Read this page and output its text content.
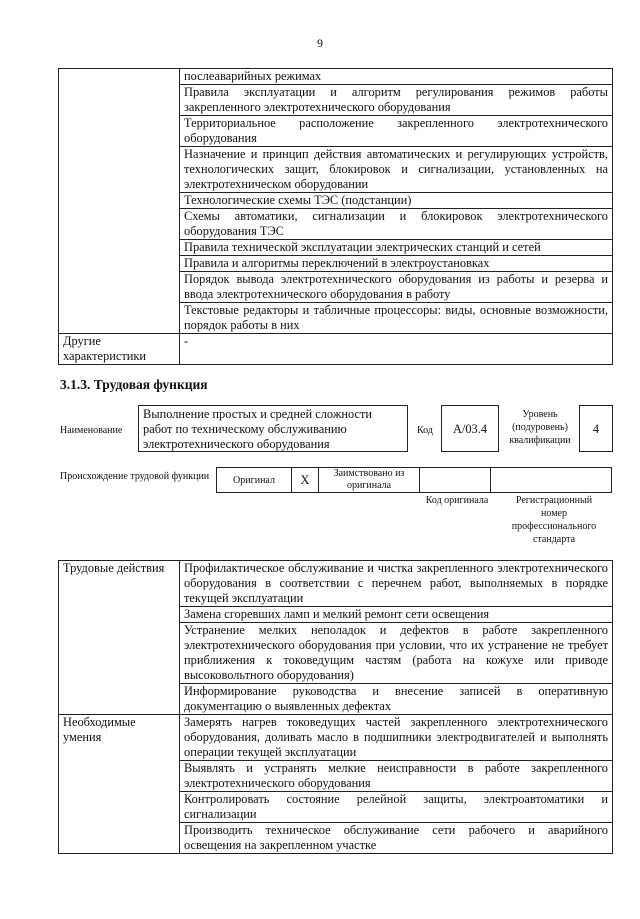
9
	послеаварийных режимах
	Правила эксплуатации и алгоритм регулирования режимов работы закрепленного электротехнического оборудования
	Территориальное расположение закрепленного электротехнического оборудования
	Назначение и принцип действия автоматических и регулирующих устройств, технологических защит, блокировок и сигнализации, установленных на электротехническом оборудовании
	Технологические схемы ТЭС (подстанции)
	Схемы автоматики, сигнализации и блокировок электротехнического оборудования ТЭС
	Правила технической эксплуатации электрических станций и сетей
	Правила и алгоритмы переключений в электроустановках
	Порядок вывода электротехнического оборудования из работы и резерва и ввода электротехнического оборудования в работу
	Текстовые редакторы и табличные процессоры: виды, основные возможности, порядок работы в них
Другие характеристики	-
3.1.3. Трудовая функция
Наименование
Выполнение простых и средней сложности работ по техническому обслуживанию электротехнического оборудования
Код	А/03.4
Уровень (подуровень) квалификации
4
Происхождение трудовой функции Оригинал	X	Заимствовано из оригинала		
Код оригинала	Регистрационный номер профессионального стандарта
Трудовые действия	Профилактическое обслуживание и чистка закрепленного электротехнического оборудования в соответствии с перечнем работ, выполняемых в порядке текущей эксплуатации
	Замена сгоревших ламп и мелкий ремонт сети освещения
	Устранение мелких неполадок и дефектов в работе закрепленного электротехнического оборудования при условии, что их устранение не требует приближения к токоведущим частям (работа на кожухе или приводе высоковольтного оборудования)
	Информирование руководства и внесение записей в оперативную документацию о выявленных дефектах
Необходимые умения	Замерять нагрев токоведущих частей закрепленного электротехнического оборудования, доливать масло в подшипники электродвигателей и выполнять операции текущей эксплуатации
	Выявлять и устранять мелкие неисправности в работе закрепленного электротехнического оборудования
	Контролировать состояние релейной защиты, электроавтоматики и сигнализации
	Производить техническое обслуживание сети рабочего и аварийного освещения на закрепленном участке
